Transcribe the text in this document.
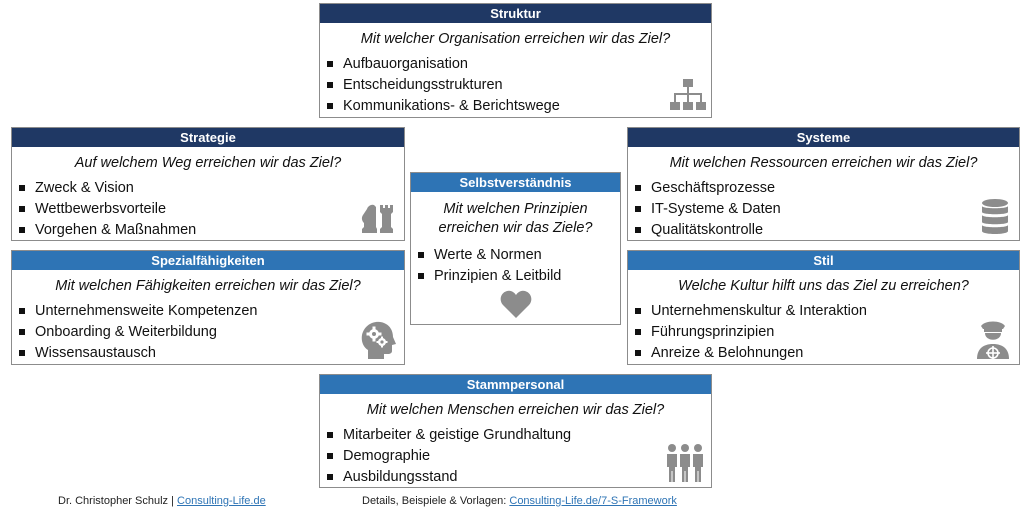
Struktur
Mit welcher Organisation erreichen wir das Ziel?
Aufbauorganisation
Entscheidungsstrukturen
Kommunikations- & Berichtswege
Strategie
Auf welchem Weg erreichen wir das Ziel?
Zweck & Vision
Wettbewerbsvorteile
Vorgehen & Maßnahmen
Systeme
Mit welchen Ressourcen erreichen wir das Ziel?
Geschäftsprozesse
IT-Systeme & Daten
Qualitätskontrolle
Selbstverständnis
Mit welchen Prinzipien
erreichen wir das Ziele?
Werte & Normen
Prinzipien & Leitbild
Spezialfähigkeiten
Mit welchen Fähigkeiten erreichen wir das Ziel?
Unternehmensweite Kompetenzen
Onboarding & Weiterbildung
Wissensaustausch
Stil
Welche Kultur hilft uns das Ziel zu erreichen?
Unternehmenskultur & Interaktion
Führungsprinzipien
Anreize & Belohnungen
Stammpersonal
Mit welchen Menschen erreichen wir das Ziel?
Mitarbeiter & geistige Grundhaltung
Demographie
Ausbildungsstand
Dr. Christopher Schulz | Consulting-Life.de	Details, Beispiele & Vorlagen: Consulting-Life.de/7-S-Framework
